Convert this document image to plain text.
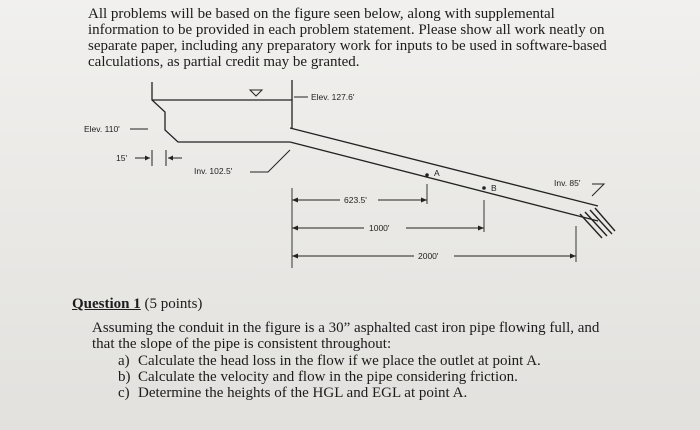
All problems will be based on the figure seen below, along with supplemental
information to be provided in each problem statement. Please show all work neatly on
separate paper, including any preparatory work for inputs to be used in software-based
calculations, as partial credit may be granted.

Elev. 127.6'
Elev. 110'
15'
Inv. 102.5'
Inv. 85'
A
B
623.5'
1000'
2000'

Question 1 (5 points)

Assuming the conduit in the figure is a 30” asphalted cast iron pipe flowing full, and
that the slope of the pipe is consistent throughout:

a) Calculate the head loss in the flow if we place the outlet at point A.
b) Calculate the velocity and flow in the pipe considering friction.
c) Determine the heights of the HGL and EGL at point A.
